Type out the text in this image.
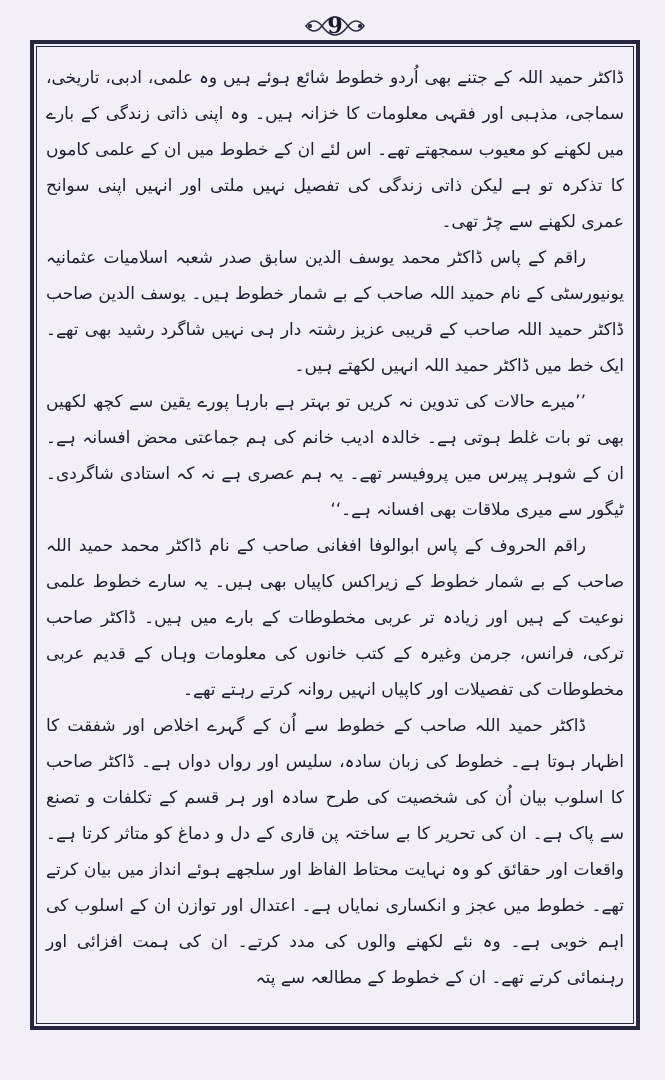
9

ڈاکٹر حمید اللہ کے جتنے بھی اُردو خطوط شائع ہوئے ہیں وہ علمی، ادبی، تاریخی، سماجی، مذہبی اور فقہی معلومات کا خزانہ ہیں۔ وہ اپنی ذاتی زندگی کے بارے میں لکھنے کو معیوب سمجھتے تھے۔ اس لئے ان کے خطوط میں ان کے علمی کاموں کا تذکرہ تو ہے لیکن ذاتی زندگی کی تفصیل نہیں ملتی اور انہیں اپنی سوانح عمری لکھنے سے چڑ تھی۔

راقم کے پاس ڈاکٹر محمد یوسف الدین سابق صدر شعبہ اسلامیات عثمانیہ یونیورسٹی کے نام حمید اللہ صاحب کے بے شمار خطوط ہیں۔ یوسف الدین صاحب ڈاکٹر حمید اللہ صاحب کے قریبی عزیز رشتہ دار ہی نہیں شاگرد رشید بھی تھے۔ ایک خط میں ڈاکٹر حمید اللہ انہیں لکھتے ہیں۔

’’میرے حالات کی تدوین نہ کریں تو بہتر ہے بارہا پورے یقین سے کچھ لکھیں بھی تو بات غلط ہوتی ہے۔ خالدہ ادیب خانم کی ہم جماعتی محض افسانہ ہے۔ ان کے شوہر پیرس میں پروفیسر تھے۔ یہ ہم عصری ہے نہ کہ استادی شاگردی۔ ٹیگور سے میری ملاقات بھی افسانہ ہے۔‘‘

راقم الحروف کے پاس ابوالوفا افغانی صاحب کے نام ڈاکٹر محمد حمید اللہ صاحب کے بے شمار خطوط کے زیراکس کاپیاں بھی ہیں۔ یہ سارے خطوط علمی نوعیت کے ہیں اور زیادہ تر عربی مخطوطات کے بارے میں ہیں۔ ڈاکٹر صاحب ترکی، فرانس، جرمن وغیرہ کے کتب خانوں کی معلومات وہاں کے قدیم عربی مخطوطات کی تفصیلات اور کاپیاں انہیں روانہ کرتے رہتے تھے۔

ڈاکٹر حمید اللہ صاحب کے خطوط سے اُن کے گہرے اخلاص اور شفقت کا اظہار ہوتا ہے۔ خطوط کی زبان سادہ، سلیس اور رواں دواں ہے۔ ڈاکٹر صاحب کا اسلوب بیان اُن کی شخصیت کی طرح سادہ اور ہر قسم کے تکلفات و تصنع سے پاک ہے۔ ان کی تحریر کا بے ساختہ پن قاری کے دل و دماغ کو متاثر کرتا ہے۔ واقعات اور حقائق کو وہ نہایت محتاط الفاظ اور سلجھے ہوئے انداز میں بیان کرتے تھے۔ خطوط میں عجز و انکساری نمایاں ہے۔ اعتدال اور توازن ان کے اسلوب کی اہم خوبی ہے۔ وہ نئے لکھنے والوں کی مدد کرتے۔ ان کی ہمت افزائی اور رہنمائی کرتے تھے۔ ان کے خطوط کے مطالعہ سے پتہ
